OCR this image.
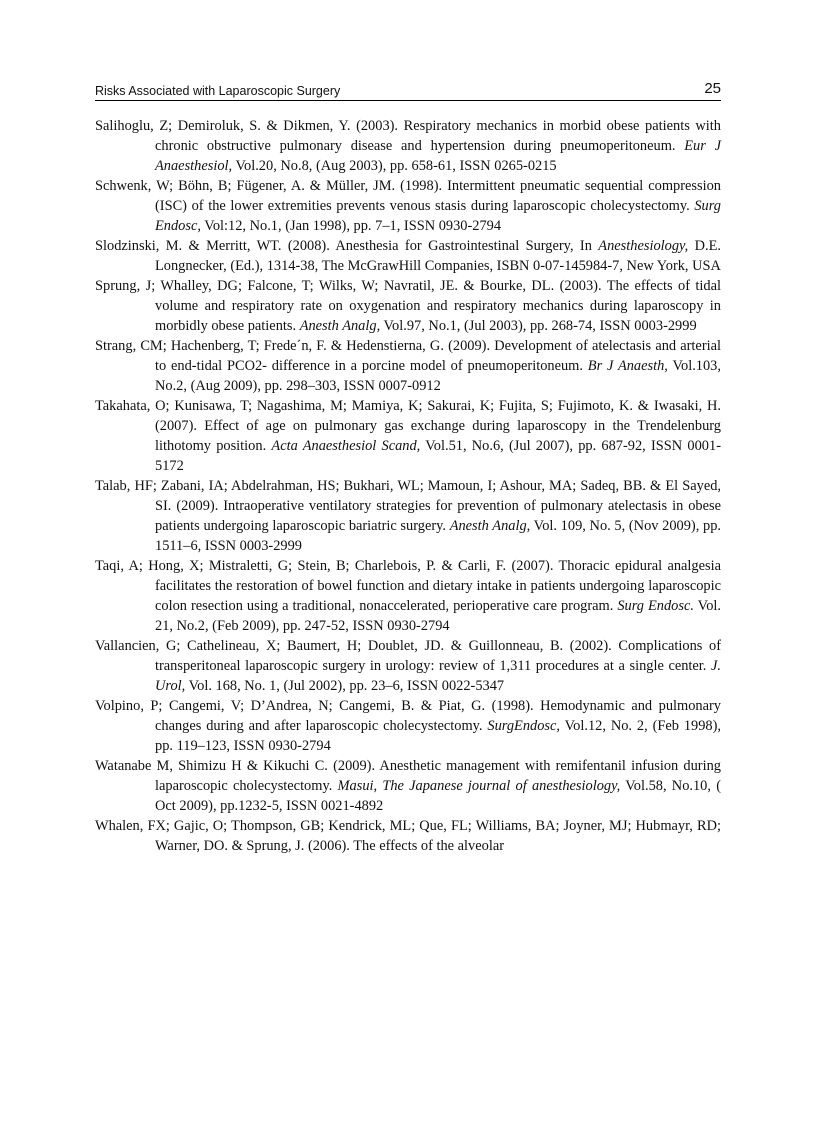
Risks Associated with Laparoscopic Surgery	25

Salihoglu, Z; Demiroluk, S. & Dikmen, Y. (2003). Respiratory mechanics in morbid obese patients with chronic obstructive pulmonary disease and hypertension during pneumoperitoneum. Eur J Anaesthesiol, Vol.20, No.8, (Aug 2003), pp. 658-61, ISSN 0265-0215

Schwenk, W; Böhn, B; Fügener, A. & Müller, JM. (1998). Intermittent pneumatic sequential compression (ISC) of the lower extremities prevents venous stasis during laparoscopic cholecystectomy. Surg Endosc, Vol:12, No.1, (Jan 1998), pp. 7–1, ISSN 0930-2794

Slodzinski, M. & Merritt, WT. (2008). Anesthesia for Gastrointestinal Surgery, In Anesthesiology, D.E. Longnecker, (Ed.), 1314-38, The McGrawHill Companies, ISBN 0-07-145984-7, New York, USA

Sprung, J; Whalley, DG; Falcone, T; Wilks, W; Navratil, JE. & Bourke, DL. (2003). The effects of tidal volume and respiratory rate on oxygenation and respiratory mechanics during laparoscopy in morbidly obese patients. Anesth Analg, Vol.97, No.1, (Jul 2003), pp. 268-74, ISSN 0003-2999

Strang, CM; Hachenberg, T; Frede´n, F. & Hedenstierna, G. (2009). Development of atelectasis and arterial to end-tidal PCO2- difference in a porcine model of pneumoperitoneum. Br J Anaesth, Vol.103, No.2, (Aug 2009), pp. 298–303, ISSN 0007-0912

Takahata, O; Kunisawa, T; Nagashima, M; Mamiya, K; Sakurai, K; Fujita, S; Fujimoto, K. & Iwasaki, H. (2007). Effect of age on pulmonary gas exchange during laparoscopy in the Trendelenburg lithotomy position. Acta Anaesthesiol Scand, Vol.51, No.6, (Jul 2007), pp. 687-92, ISSN 0001-5172

Talab, HF; Zabani, IA; Abdelrahman, HS; Bukhari, WL; Mamoun, I; Ashour, MA; Sadeq, BB. & El Sayed, SI. (2009). Intraoperative ventilatory strategies for prevention of pulmonary atelectasis in obese patients undergoing laparoscopic bariatric surgery. Anesth Analg, Vol. 109, No. 5, (Nov 2009), pp. 1511–6, ISSN 0003-2999

Taqi, A; Hong, X; Mistraletti, G; Stein, B; Charlebois, P. & Carli, F. (2007). Thoracic epidural analgesia facilitates the restoration of bowel function and dietary intake in patients undergoing laparoscopic colon resection using a traditional, nonaccelerated, perioperative care program. Surg Endosc. Vol. 21, No.2, (Feb 2009), pp. 247-52, ISSN 0930-2794

Vallancien, G; Cathelineau, X; Baumert, H; Doublet, JD. & Guillonneau, B. (2002). Complications of transperitoneal laparoscopic surgery in urology: review of 1,311 procedures at a single center. J. Urol, Vol. 168, No. 1, (Jul 2002), pp. 23–6, ISSN 0022-5347

Volpino, P; Cangemi, V; D’Andrea, N; Cangemi, B. & Piat, G. (1998). Hemodynamic and pulmonary changes during and after laparoscopic cholecystectomy. SurgEndosc, Vol.12, No. 2, (Feb 1998), pp. 119–123, ISSN 0930-2794

Watanabe M, Shimizu H & Kikuchi C. (2009). Anesthetic management with remifentanil infusion during laparoscopic cholecystectomy. Masui, The Japanese journal of anesthesiology, Vol.58, No.10, ( Oct 2009), pp.1232-5, ISSN 0021-4892

Whalen, FX; Gajic, O; Thompson, GB; Kendrick, ML; Que, FL; Williams, BA; Joyner, MJ; Hubmayr, RD; Warner, DO. & Sprung, J. (2006). The effects of the alveolar
